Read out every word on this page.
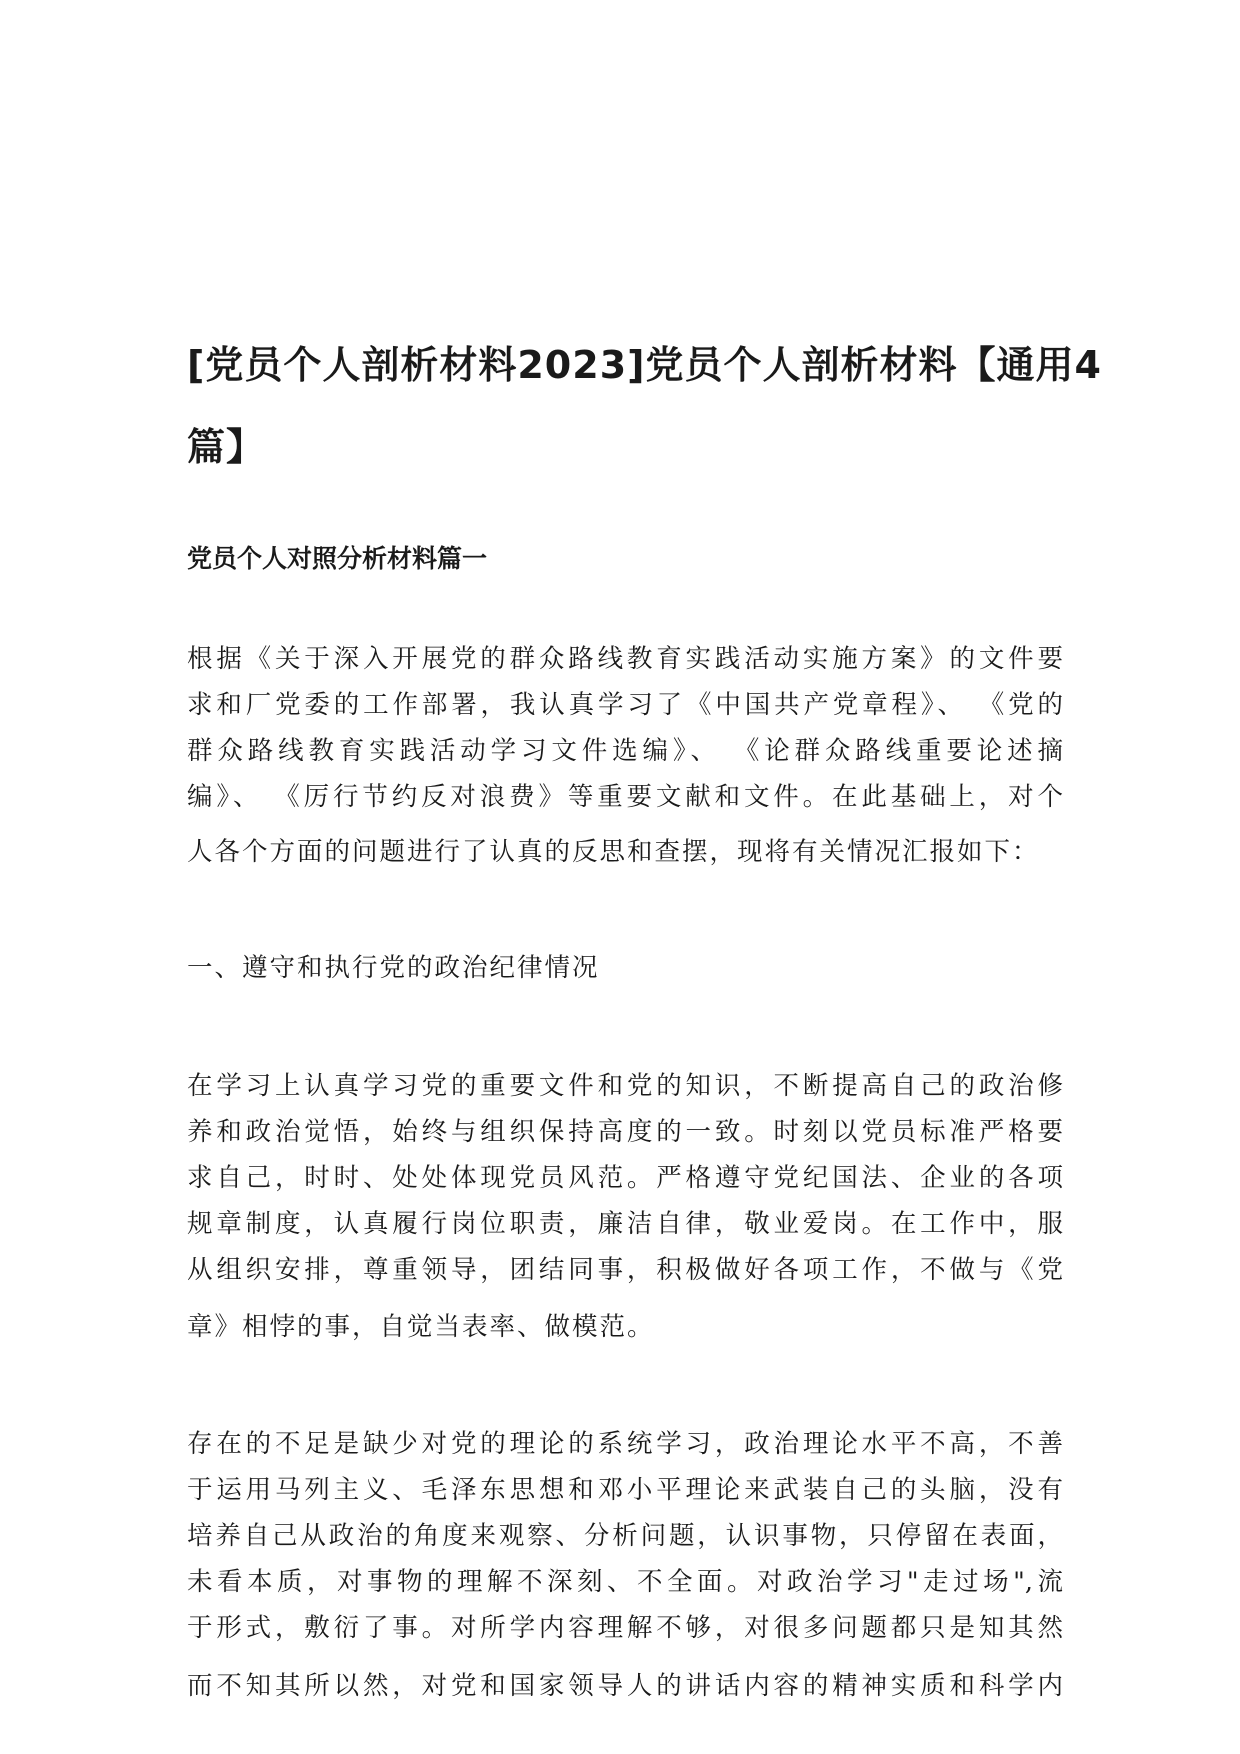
[党员个人剖析材料2023]党员个人剖析材料【通用4
篇】
党员个人对照分析材料篇一
根据《关于深入开展党的群众路线教育实践活动实施方案》的文件要
求和厂党委的工作部署，我认真学习了《中国共产党章程》、 《党的
群众路线教育实践活动学习文件选编》、 《论群众路线重要论述摘
编》、 《厉行节约反对浪费》等重要文献和文件。在此基础上，对个
人各个方面的问题进行了认真的反思和查摆，现将有关情况汇报如下：
一、遵守和执行党的政治纪律情况
在学习上认真学习党的重要文件和党的知识，不断提高自己的政治修
养和政治觉悟，始终与组织保持高度的一致。时刻以党员标准严格要
求自己，时时、处处体现党员风范。严格遵守党纪国法、企业的各项
规章制度，认真履行岗位职责，廉洁自律，敬业爱岗。在工作中，服
从组织安排，尊重领导，团结同事，积极做好各项工作，不做与《党
章》相悖的事，自觉当表率、做模范。
存在的不足是缺少对党的理论的系统学习，政治理论水平不高，不善
于运用马列主义、毛泽东思想和邓小平理论来武装自己的头脑，没有
培养自己从政治的角度来观察、分析问题，认识事物，只停留在表面，
未看本质，对事物的理解不深刻、不全面。对政治学习"走过场",流
于形式，敷衍了事。对所学内容理解不够，对很多问题都只是知其然
而不知其所以然，对党和国家领导人的讲话内容的精神实质和科学内
